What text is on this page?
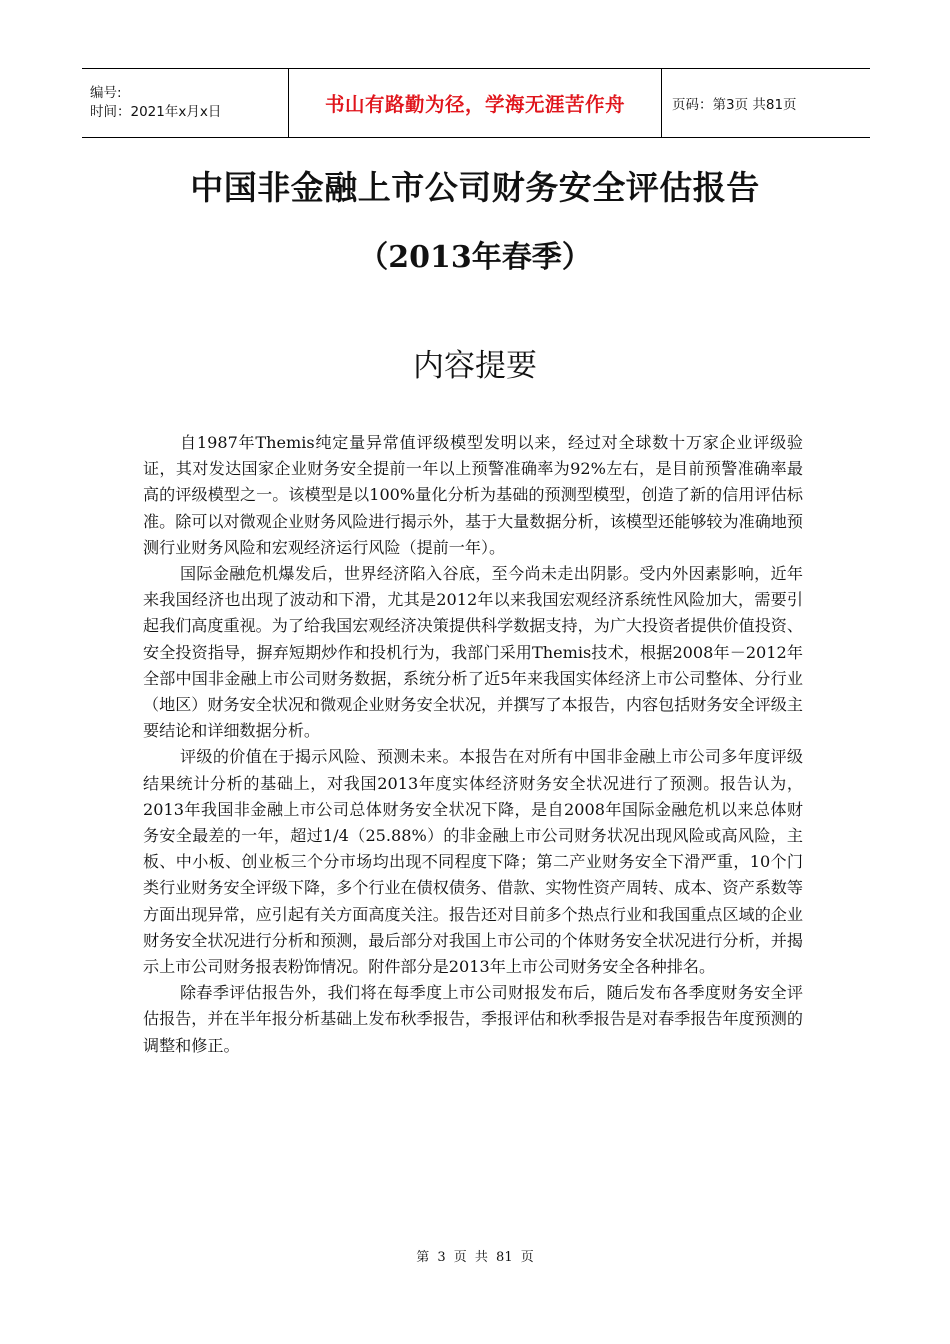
编号:
时间：2021年x月x日	书山有路勤为径，学海无涯苦作舟	页码：第3页 共81页
中国非金融上市公司财务安全评估报告
（2013年春季）
内容提要

自1987年Themis纯定量异常值评级模型发明以来，经过对全球数十万家企业评级验证，其对发达国家企业财务安全提前一年以上预警准确率为92%左右，是目前预警准确率最高的评级模型之一。该模型是以100%量化分析为基础的预测型模型，创造了新的信用评估标准。除可以对微观企业财务风险进行揭示外，基于大量数据分析，该模型还能够较为准确地预测行业财务风险和宏观经济运行风险（提前一年）。

国际金融危机爆发后，世界经济陷入谷底，至今尚未走出阴影。受内外因素影响，近年来我国经济也出现了波动和下滑，尤其是2012年以来我国宏观经济系统性风险加大，需要引起我们高度重视。为了给我国宏观经济决策提供科学数据支持，为广大投资者提供价值投资、安全投资指导，摒弃短期炒作和投机行为，我部门采用Themis技术，根据2008年－2012年全部中国非金融上市公司财务数据，系统分析了近5年来我国实体经济上市公司整体、分行业（地区）财务安全状况和微观企业财务安全状况，并撰写了本报告，内容包括财务安全评级主要结论和详细数据分析。

评级的价值在于揭示风险、预测未来。本报告在对所有中国非金融上市公司多年度评级结果统计分析的基础上，对我国2013年度实体经济财务安全状况进行了预测。报告认为，2013年我国非金融上市公司总体财务安全状况下降，是自2008年国际金融危机以来总体财务安全最差的一年，超过1/4（25.88%）的非金融上市公司财务状况出现风险或高风险，主板、中小板、创业板三个分市场均出现不同程度下降；第二产业财务安全下滑严重，10个门类行业财务安全评级下降，多个行业在债权债务、借款、实物性资产周转、成本、资产系数等方面出现异常，应引起有关方面高度关注。报告还对目前多个热点行业和我国重点区域的企业财务安全状况进行分析和预测，最后部分对我国上市公司的个体财务安全状况进行分析，并揭示上市公司财务报表粉饰情况。附件部分是2013年上市公司财务安全各种排名。

除春季评估报告外，我们将在每季度上市公司财报发布后，随后发布各季度财务安全评估报告，并在半年报分析基础上发布秋季报告，季报评估和秋季报告是对春季报告年度预测的调整和修正。

第 3 页 共 81 页
